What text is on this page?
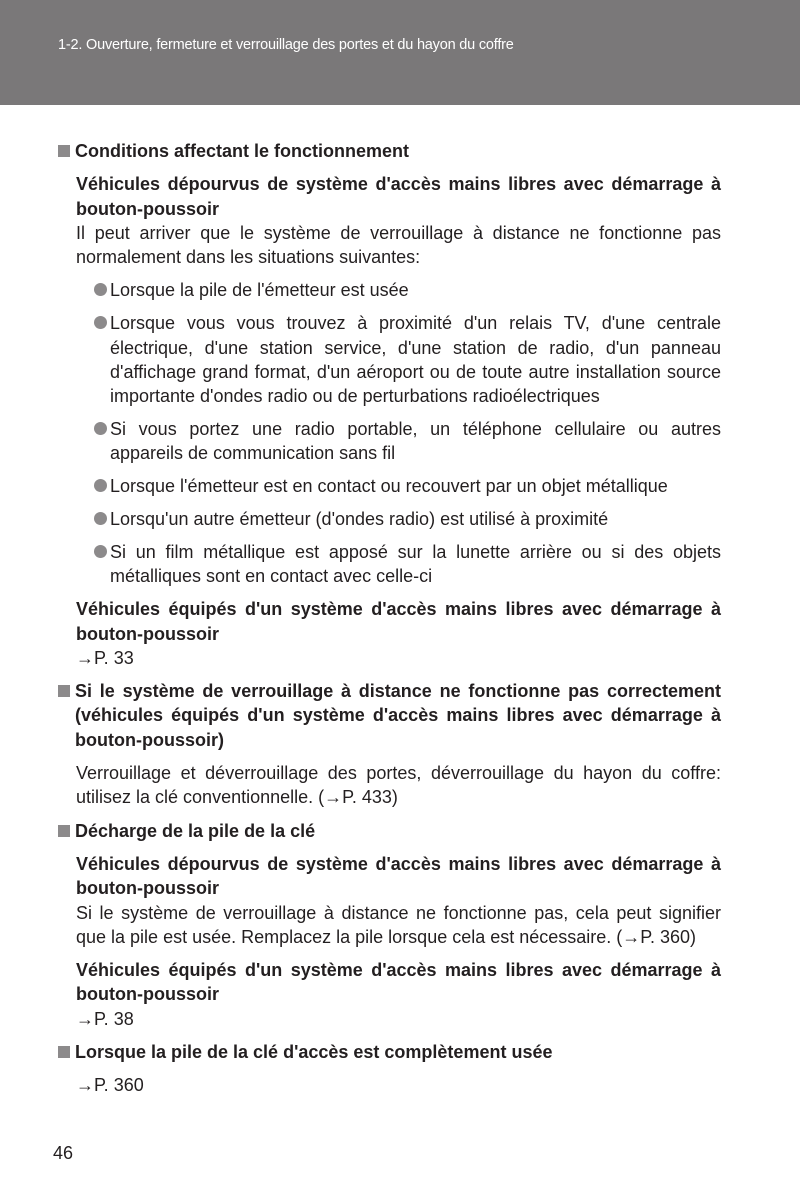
1-2. Ouverture, fermeture et verrouillage des portes et du hayon du coffre
Conditions affectant le fonctionnement
Véhicules dépourvus de système d'accès mains libres avec démarrage à bouton-poussoir
Il peut arriver que le système de verrouillage à distance ne fonctionne pas normalement dans les situations suivantes:
Lorsque la pile de l'émetteur est usée
Lorsque vous vous trouvez à proximité d'un relais TV, d'une centrale électrique, d'une station service, d'une station de radio, d'un panneau d'affichage grand format, d'un aéroport ou de toute autre installation source importante d'ondes radio ou de perturbations radioélectriques
Si vous portez une radio portable, un téléphone cellulaire ou autres appareils de communication sans fil
Lorsque l'émetteur est en contact ou recouvert par un objet métallique
Lorsqu'un autre émetteur (d'ondes radio) est utilisé à proximité
Si un film métallique est apposé sur la lunette arrière ou si des objets métalliques sont en contact avec celle-ci
Véhicules équipés d'un système d'accès mains libres avec démarrage à bouton-poussoir
→P. 33
Si le système de verrouillage à distance ne fonctionne pas correctement (véhicules équipés d'un système d'accès mains libres avec démarrage à bouton-poussoir)
Verrouillage et déverrouillage des portes, déverrouillage du hayon du coffre: utilisez la clé conventionnelle. (→P. 433)
Décharge de la pile de la clé
Véhicules dépourvus de système d'accès mains libres avec démarrage à bouton-poussoir
Si le système de verrouillage à distance ne fonctionne pas, cela peut signifier que la pile est usée. Remplacez la pile lorsque cela est nécessaire. (→P. 360)
Véhicules équipés d'un système d'accès mains libres avec démarrage à bouton-poussoir
→P. 38
Lorsque la pile de la clé d'accès est complètement usée
→P. 360
46
